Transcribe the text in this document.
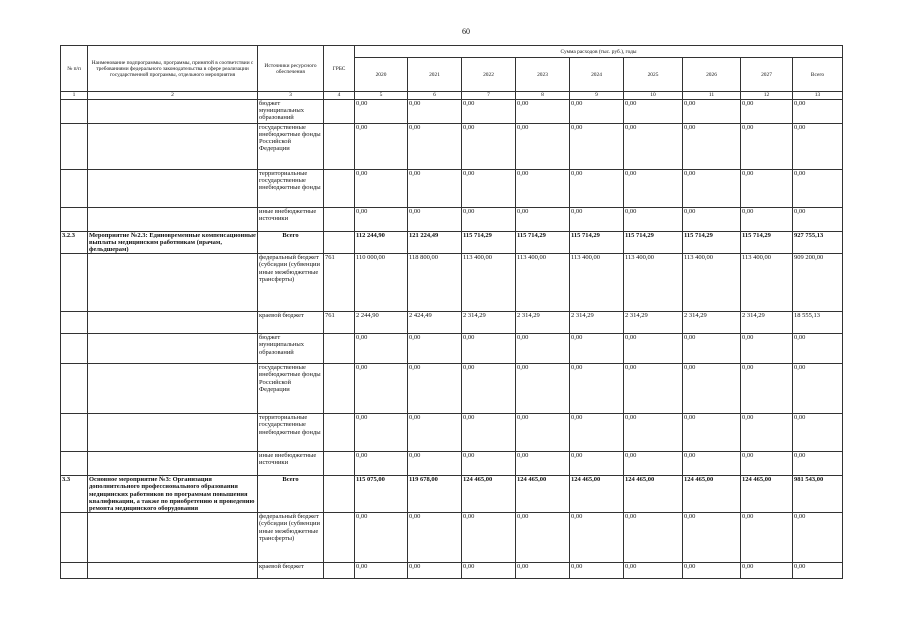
60
№ п/п	Наименование подпрограммы, программы, принятой в соответствии с требованиями федерального законодательства в сфере реализации государственной программы, отдельного мероприятия	Источники ресурсного обеспечения	ГРБС	Сумма расходов (тыс. руб.), годы								
				2020	2021	2022	2023	2024	2025	2026	2027	Всего
1	2	3	4	5	6	7	8	9	10	11	12	13
		бюджет муниципальных образований		0,00	0,00	0,00	0,00	0,00	0,00	0,00	0,00	0,00
		государственные внебюджетные фонды Российской Федерации		0,00	0,00	0,00	0,00	0,00	0,00	0,00	0,00	0,00
		территориальные государственные внебюджетные фонды		0,00	0,00	0,00	0,00	0,00	0,00	0,00	0,00	0,00
		иные внебюджетные источники		0,00	0,00	0,00	0,00	0,00	0,00	0,00	0,00	0,00
3.2.3	Мероприятие №2.3: Единовременные компенсационные выплаты медицинским работникам (врачам, фельдшерам)	Всего		112 244,90	121 224,49	115 714,29	115 714,29	115 714,29	115 714,29	115 714,29	115 714,29	927 755,13
		федеральный бюджет (субсидии (субвенции иные межбюджетные трансферты)	761	110 000,00	118 800,00	113 400,00	113 400,00	113 400,00	113 400,00	113 400,00	113 400,00	909 200,00
		краевой бюджет	761	2 244,90	2 424,49	2 314,29	2 314,29	2 314,29	2 314,29	2 314,29	2 314,29	18 555,13
		бюджет муниципальных образований		0,00	0,00	0,00	0,00	0,00	0,00	0,00	0,00	0,00
		государственные внебюджетные фонды Российской Федерации		0,00	0,00	0,00	0,00	0,00	0,00	0,00	0,00	0,00
		территориальные государственные внебюджетные фонды		0,00	0,00	0,00	0,00	0,00	0,00	0,00	0,00	0,00
		иные внебюджетные источники		0,00	0,00	0,00	0,00	0,00	0,00	0,00	0,00	0,00
3.3	Основное мероприятие №3: Организация дополнительного профессионального образования медицинских работников по программам повышения квалификации, а также по приобретению и проведению ремонта медицинского оборудования	Всего		115 075,00	119 678,00	124 465,00	124 465,00	124 465,00	124 465,00	124 465,00	124 465,00	981 543,00
		федеральный бюджет (субсидии (субвенции иные межбюджетные трансферты)		0,00	0,00	0,00	0,00	0,00	0,00	0,00	0,00	0,00
		краевой бюджет		0,00	0,00	0,00	0,00	0,00	0,00	0,00	0,00	0,00
